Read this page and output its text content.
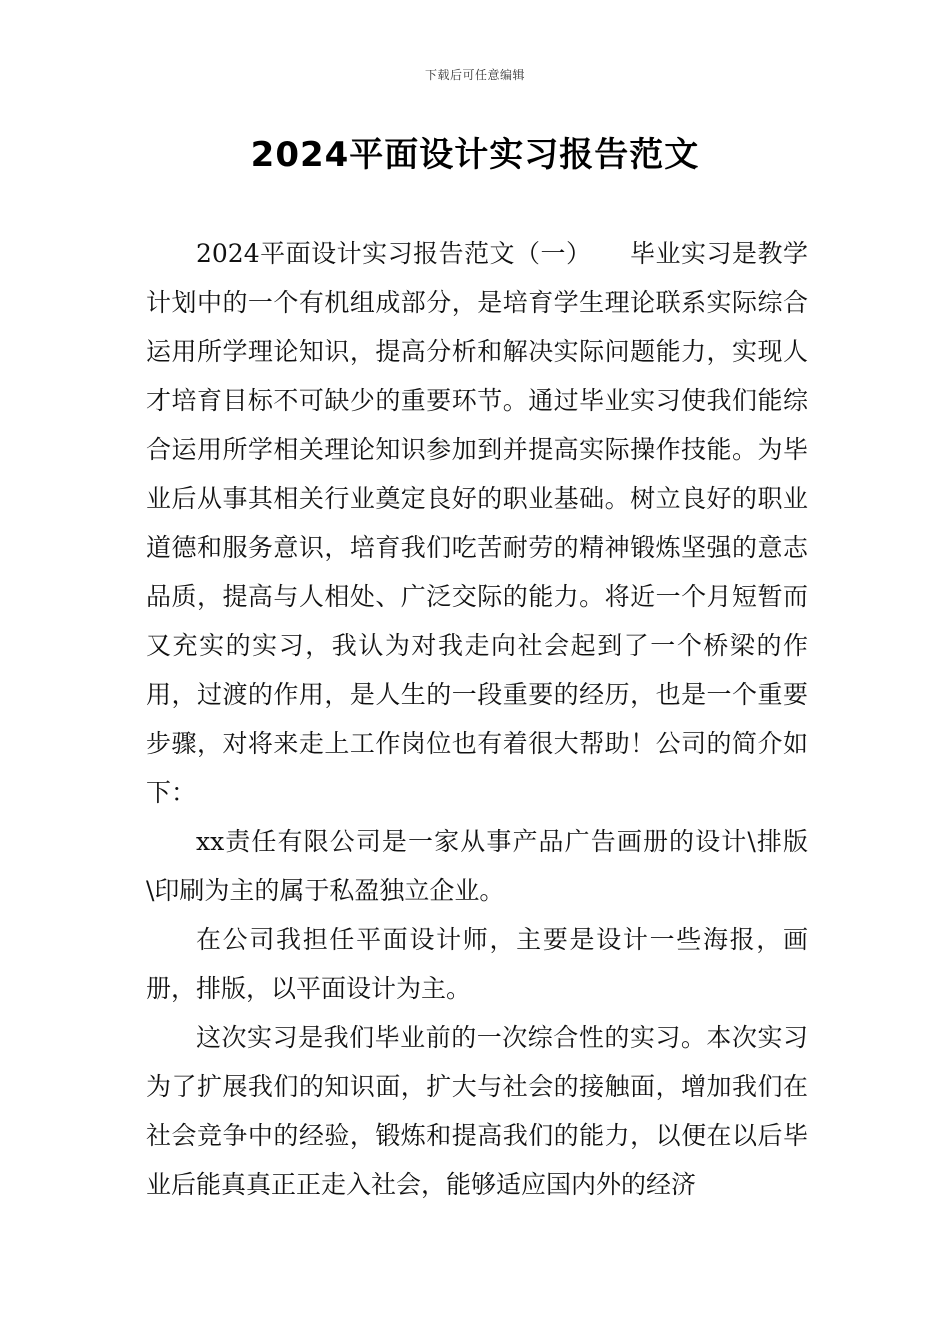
下载后可任意编辑
2024平面设计实习报告范文

2024平面设计实习报告范文（一）　　毕业实习是教学计划中的一个有机组成部分，是培育学生理论联系实际综合运用所学理论知识，提高分析和解决实际问题能力，实现人才培育目标不可缺少的重要环节。通过毕业实习使我们能综合运用所学相关理论知识参加到并提高实际操作技能。为毕业后从事其相关行业奠定良好的职业基础。树立良好的职业道德和服务意识，培育我们吃苦耐劳的精神锻炼坚强的意志品质，提高与人相处、广泛交际的能力。将近一个月短暂而又充实的实习，我认为对我走向社会起到了一个桥梁的作用，过渡的作用，是人生的一段重要的经历，也是一个重要步骤，对将来走上工作岗位也有着很大帮助！公司的简介如下：

xx责任有限公司是一家从事产品广告画册的设计\排版\印刷为主的属于私盈独立企业。

在公司我担任平面设计师，主要是设计一些海报，画册，排版，以平面设计为主。

这次实习是我们毕业前的一次综合性的实习。本次实习为了扩展我们的知识面，扩大与社会的接触面，增加我们在社会竞争中的经验，锻炼和提高我们的能力，以便在以后毕业后能真真正正走入社会，能够适应国内外的经济
